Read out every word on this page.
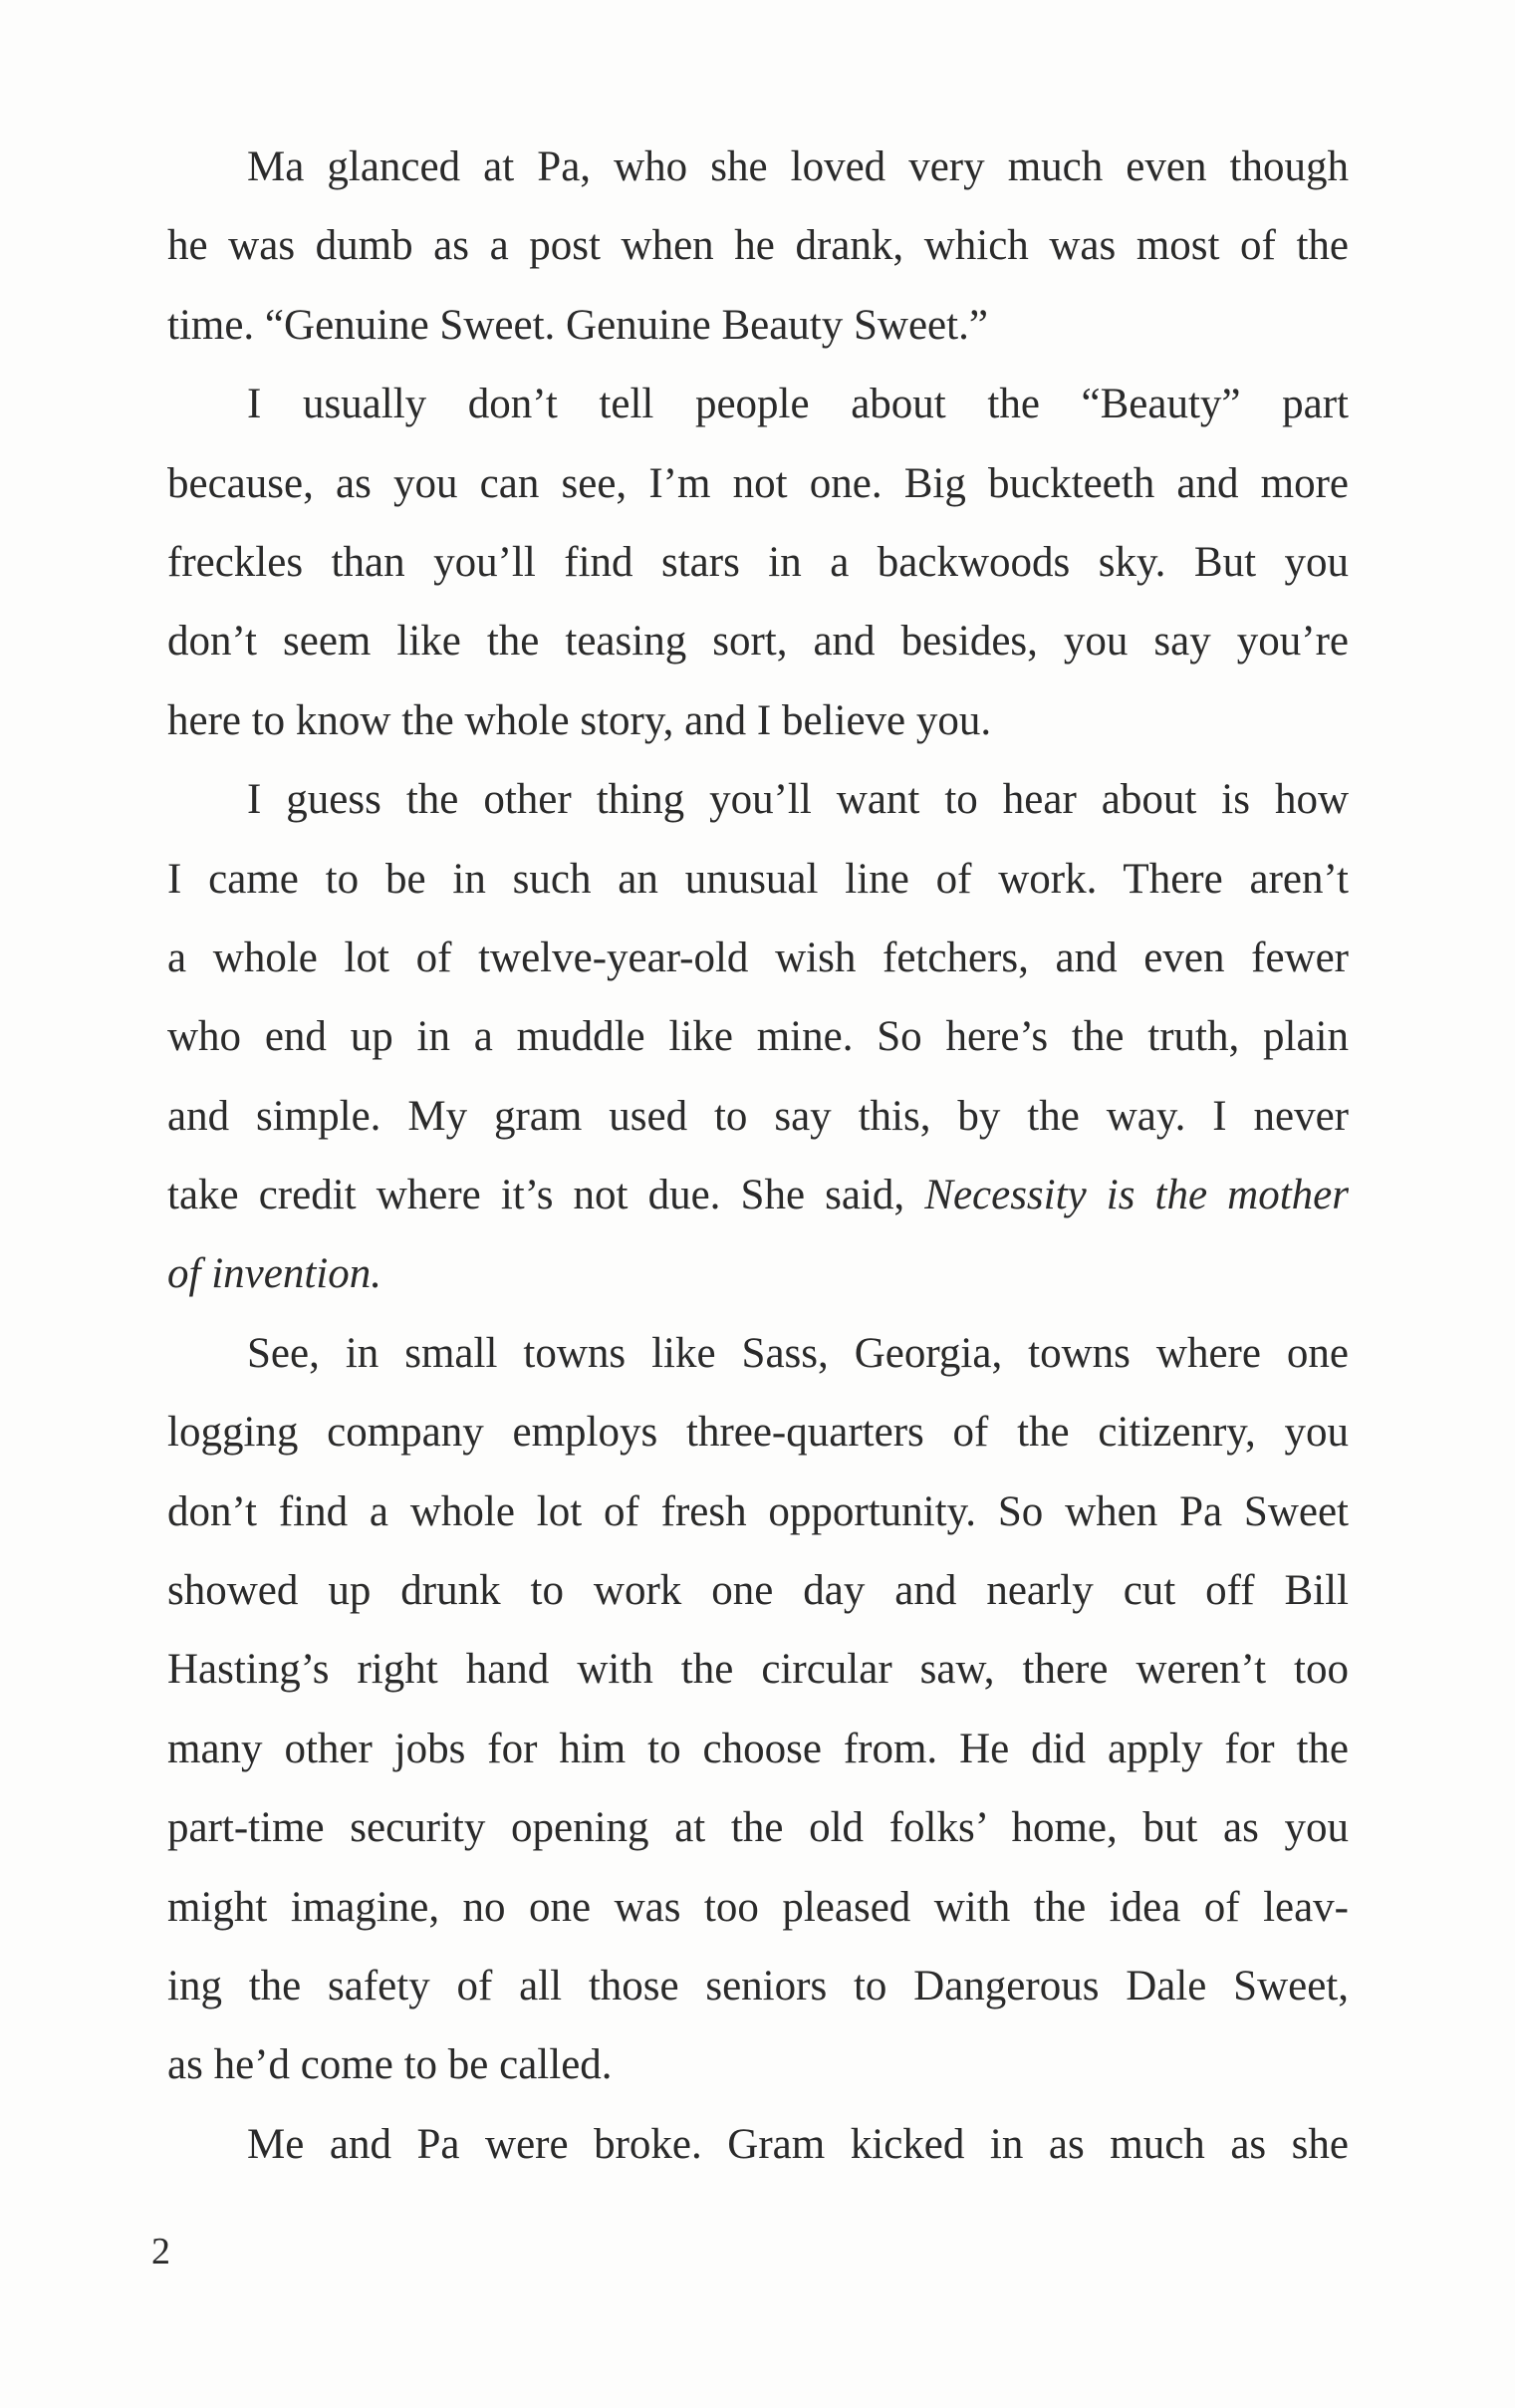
Ma glanced at Pa, who she loved very much even though
he was dumb as a post when he drank, which was most of the
time. “Genuine Sweet. Genuine Beauty Sweet.”
I usually don’t tell people about the “Beauty” part
because, as you can see, I’m not one. Big buckteeth and more
freckles than you’ll find stars in a backwoods sky. But you
don’t seem like the teasing sort, and besides, you say you’re
here to know the whole story, and I believe you.
I guess the other thing you’ll want to hear about is how
I came to be in such an unusual line of work. There aren’t
a whole lot of twelve-year-old wish fetchers, and even fewer
who end up in a muddle like mine. So here’s the truth, plain
and simple. My gram used to say this, by the way. I never
take credit where it’s not due. She said, Necessity is the mother
of invention.
See, in small towns like Sass, Georgia, towns where one
logging company employs three-quarters of the citizenry, you
don’t find a whole lot of fresh opportunity. So when Pa Sweet
showed up drunk to work one day and nearly cut off Bill
Hasting’s right hand with the circular saw, there weren’t too
many other jobs for him to choose from. He did apply for the
part-time security opening at the old folks’ home, but as you
might imagine, no one was too pleased with the idea of leav-
ing the safety of all those seniors to Dangerous Dale Sweet,
as he’d come to be called.
Me and Pa were broke. Gram kicked in as much as she
2
